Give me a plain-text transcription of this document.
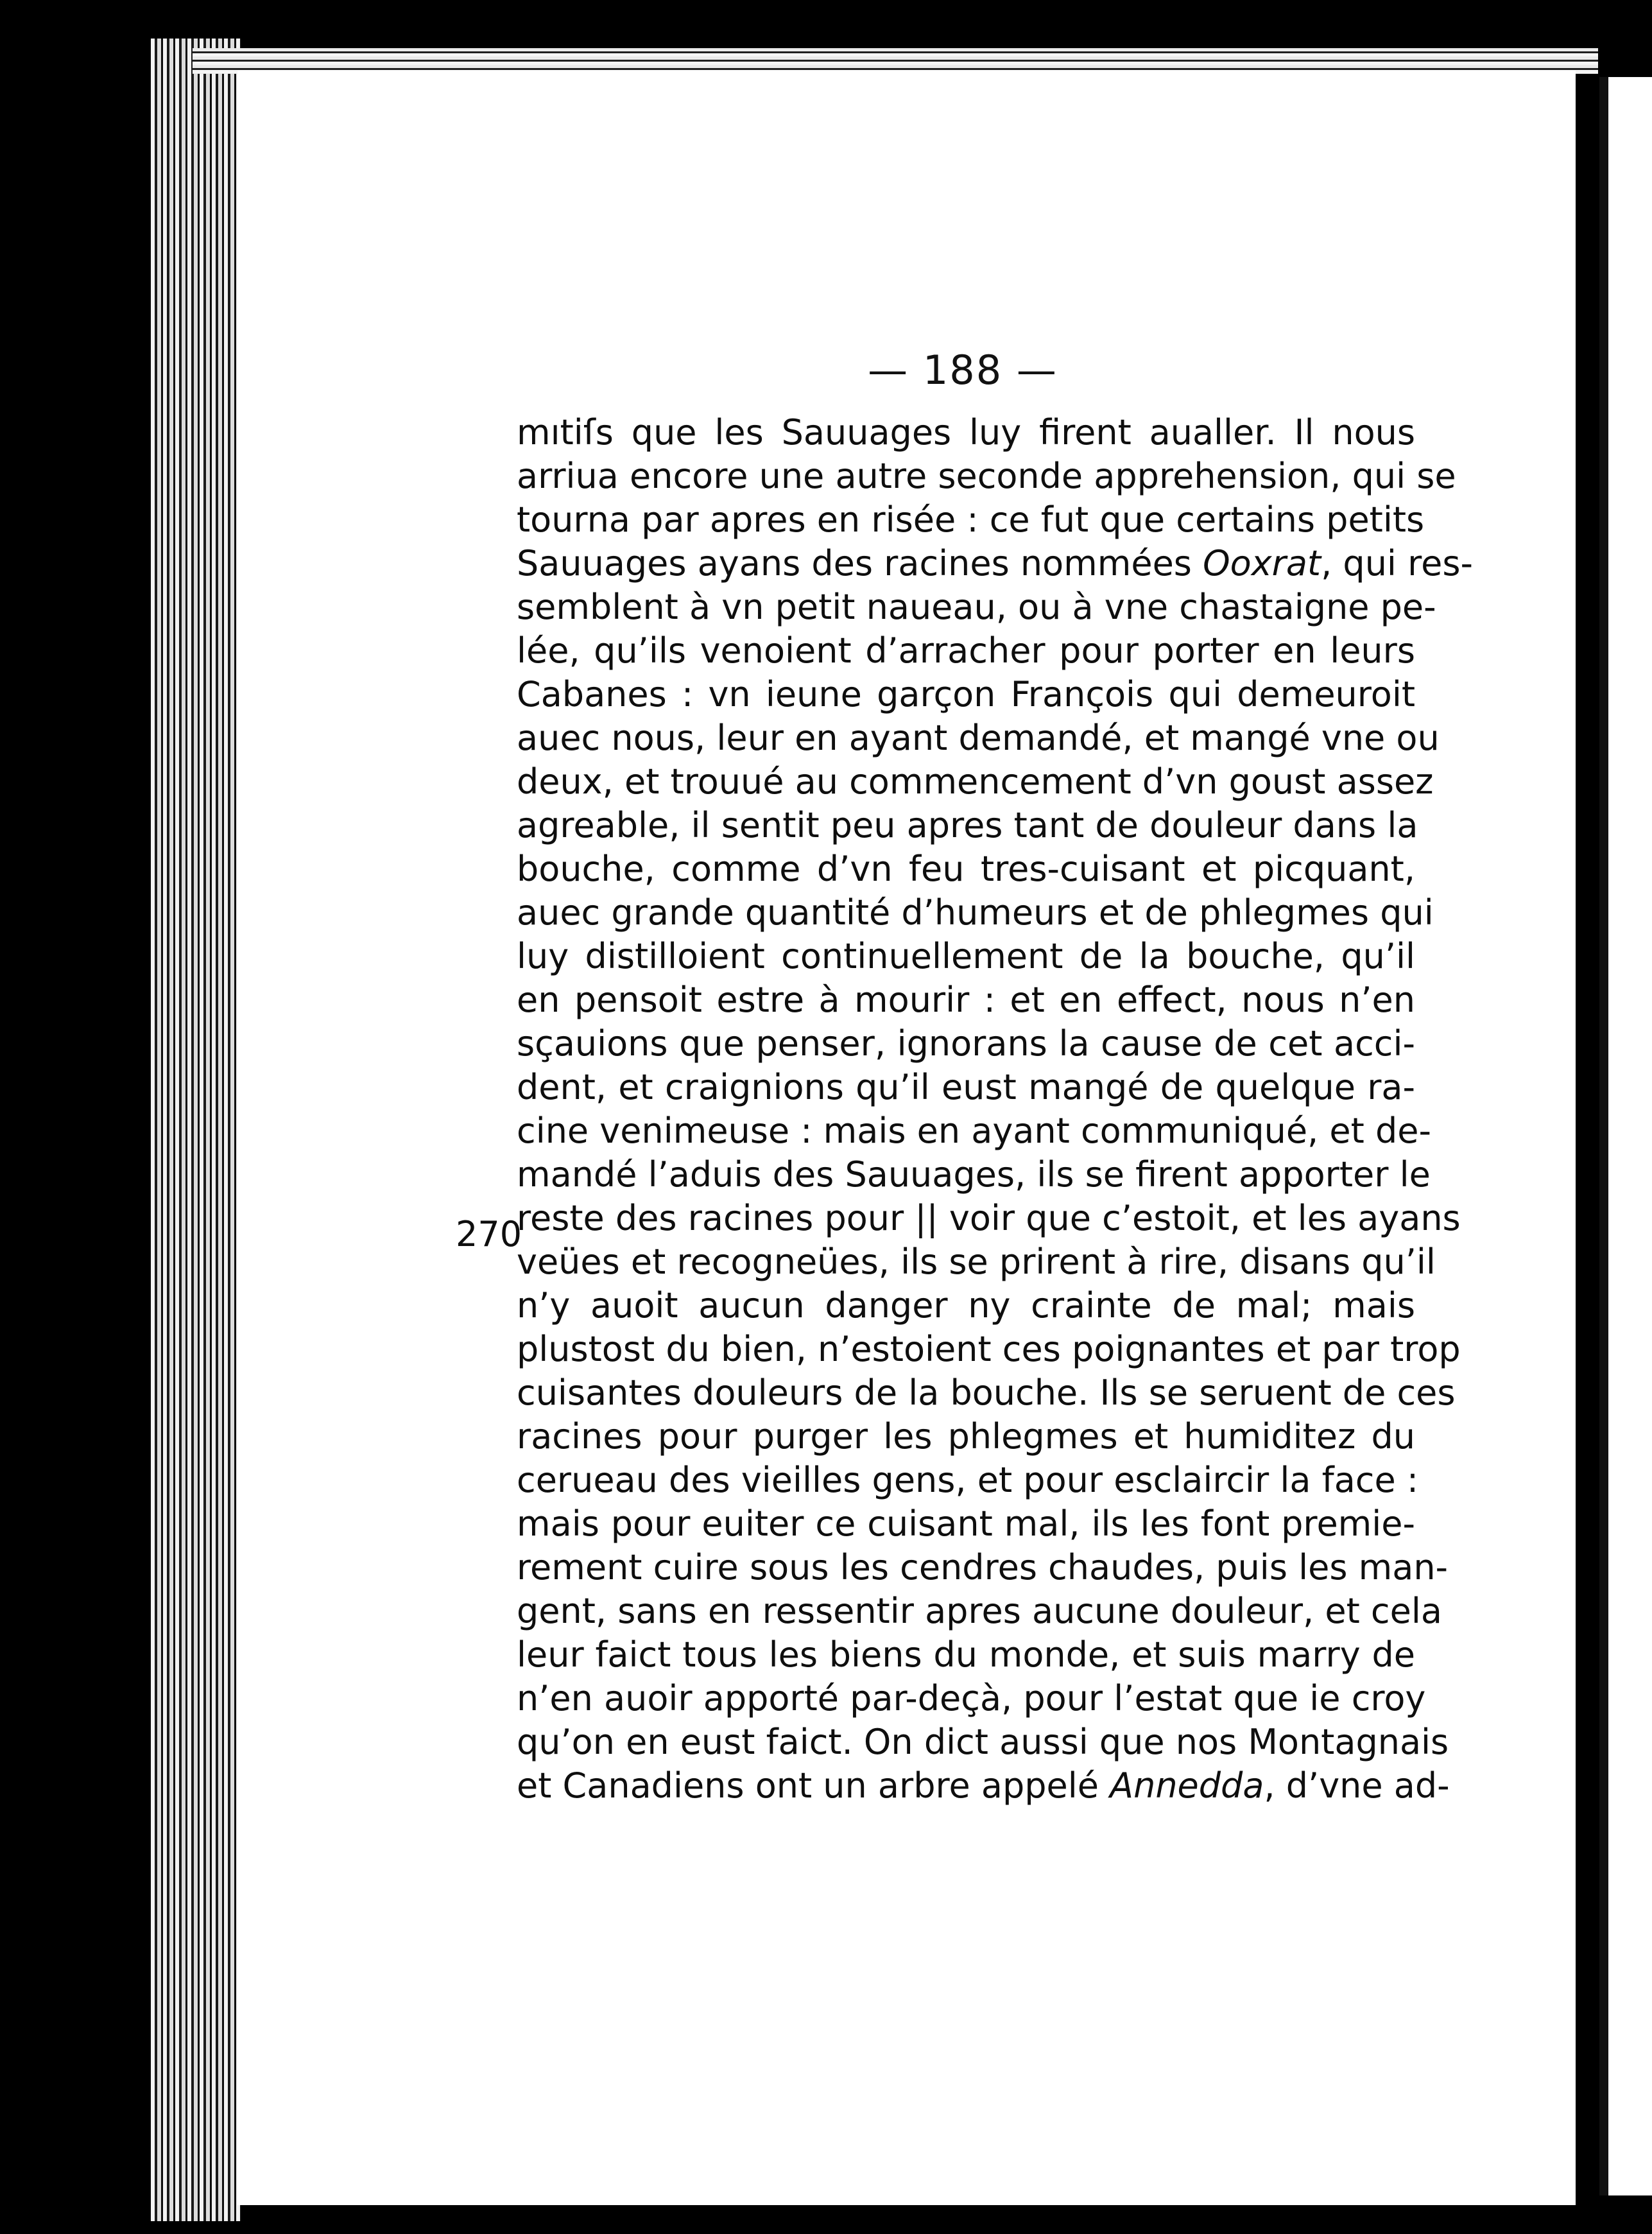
— 188 —
270
mıtiſs que les Sauuages luy firent aualler. Il nous
arriua encore une autre seconde apprehension, qui se
tourna par apres en risée : ce fut que certains petits
Sauuages ayans des racines nommées Ooxrat, qui res-
semblent à vn petit naueau, ou à vne chastaigne pe-
lée, qu’ils venoient d’arracher pour porter en leurs
Cabanes : vn ieune garçon François qui demeuroit
auec nous, leur en ayant demandé, et mangé vne ou
deux, et trouué au commencement d’vn goust assez
agreable, il sentit peu apres tant de douleur dans la
bouche, comme d’vn feu tres-cuisant et picquant,
auec grande quantité d’humeurs et de phlegmes qui
luy distilloient continuellement de la bouche, qu’il
en pensoit estre à mourir : et en effect, nous n’en
sçauions que penser, ignorans la cause de cet acci-
dent, et craignions qu’il eust mangé de quelque ra-
cine venimeuse : mais en ayant communiqué, et de-
mandé l’aduis des Sauuages, ils se firent apporter le
reste des racines pour || voir que c’estoit, et les ayans
veües et recogneües, ils se prirent à rire, disans qu’il
n’y auoit aucun danger ny crainte de mal; mais
plustost du bien, n’estoient ces poignantes et par trop
cuisantes douleurs de la bouche. Ils se seruent de ces
racines pour purger les phlegmes et humiditez du
cerueau des vieilles gens, et pour esclaircir la face :
mais pour euiter ce cuisant mal, ils les font premie-
rement cuire sous les cendres chaudes, puis les man-
gent, sans en ressentir apres aucune douleur, et cela
leur faict tous les biens du monde, et suis marry de
n’en auoir apporté par-deçà, pour l’estat que ie croy
qu’on en eust faict. On dict aussi que nos Montagnais
et Canadiens ont un arbre appelé Annedda, d’vne ad-
